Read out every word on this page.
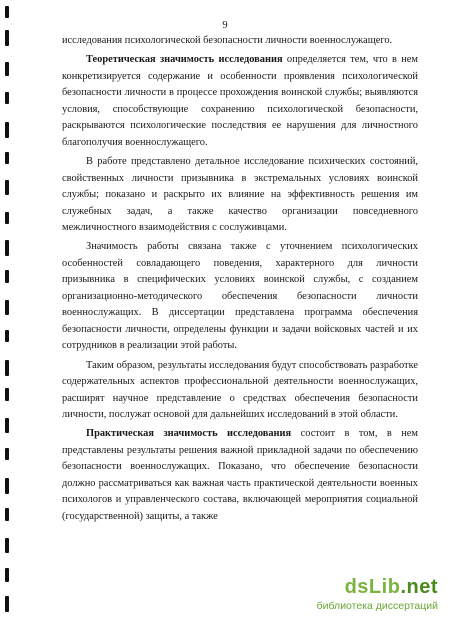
9

исследования психологической безопасности личности военнослужащего.

Теоретическая значимость исследования определяется тем, что в нем конкретизируется содержание и особенности проявления психологической безопасности личности в процессе прохождения воинской службы; выявляются условия, способствующие сохранению психологической безопасности, раскрываются психологические последствия ее нарушения для личностного благополучия военнослужащего.

В работе представлено детальное исследование психических состояний, свойственных личности призывника в экстремальных условиях воинской службы; показано и раскрыто их влияние на эффективность решения им служебных задач, а также качество организации повседневного межличностного взаимодействия с сослуживцами.

Значимость работы связана также с уточнением психологических особенностей совладающего поведения, характерного для личности призывника в специфических условиях воинской службы, с созданием организационно-методического обеспечения безопасности личности военнослужащих. В диссертации представлена программа обеспечения безопасности личности, определены функции и задачи войсковых частей и их сотрудников в реализации этой работы.

Таким образом, результаты исследования будут способствовать разработке содержательных аспектов профессиональной деятельности военнослужащих, расширят научное представление о средствах обеспечения безопасности личности, послужат основой для дальнейших исследований в этой области.

Практическая значимость исследования состоит в том, в нем представлены результаты решения важной прикладной задачи по обеспечению безопасности военнослужащих. Показано, что обеспечение безопасности должно рассматриваться как важная часть практической деятельности военных психологов и управленческого состава, включающей мероприятия социальной (государственной) защиты, а также

dsLib.net
библиотека диссертаций
